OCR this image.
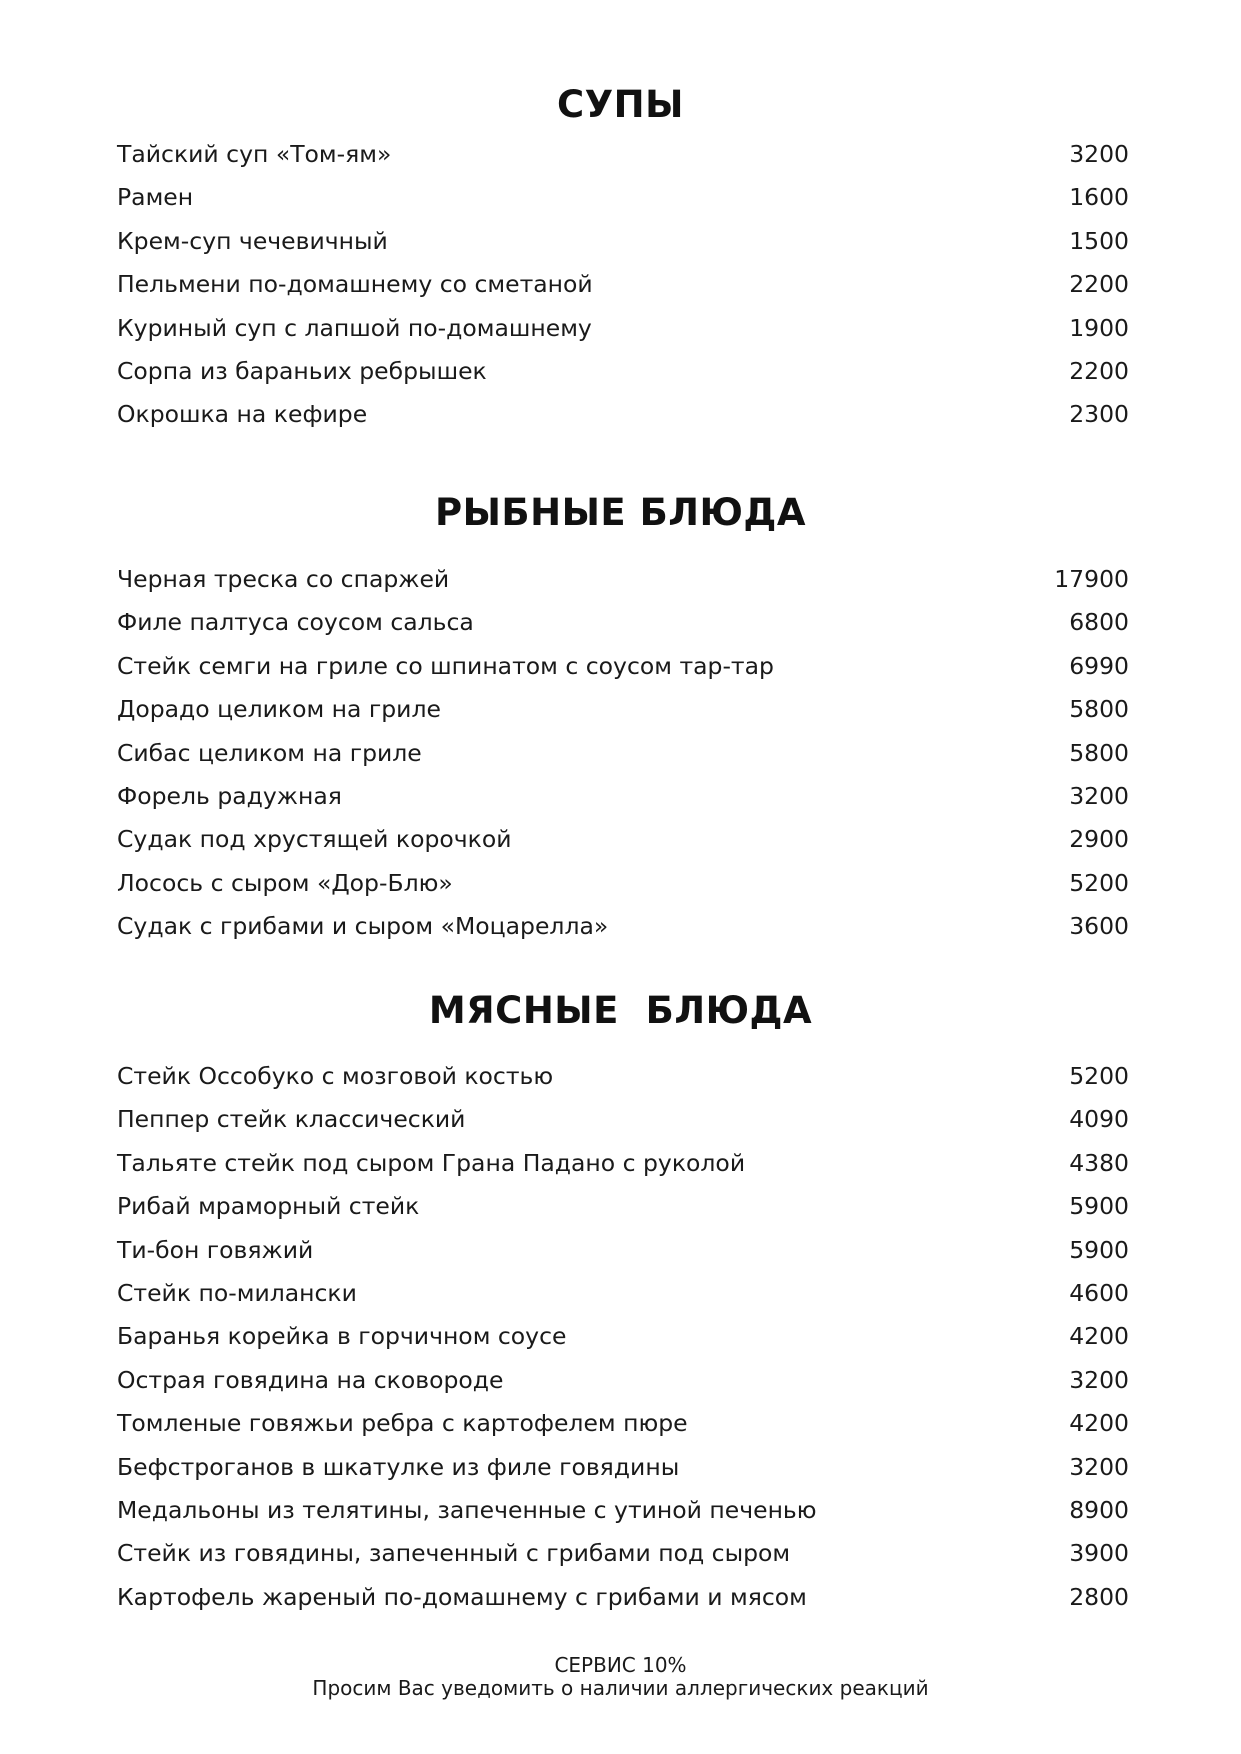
СУПЫ
Тайский суп «Том-ям»	3200
Рамен	1600
Крем-суп чечевичный	1500
Пельмени по-домашнему со сметаной	2200
Куриный суп с лапшой по-домашнему	1900
Сорпа из бараньих ребрышек	2200
Окрошка на кефире	2300
РЫБНЫЕ БЛЮДА
Черная треска со спаржей	17900
Филе палтуса соусом сальса	6800
Стейк семги на гриле со шпинатом с соусом тар-тар	6990
Дорадо целиком на гриле	5800
Сибас целиком на гриле	5800
Форель радужная	3200
Судак под хрустящей корочкой	2900
Лосось с сыром «Дор-Блю»	5200
Судак с грибами и сыром «Моцарелла»	3600
МЯСНЫЕ  БЛЮДА
Стейк Оссобуко с мозговой костью	5200
Пеппер стейк классический	4090
Тальяте стейк под сыром Грана Падано с руколой	4380
Рибай мраморный стейк	5900
Ти-бон говяжий	5900
Стейк по-милански	4600
Баранья корейка в горчичном соусе	4200
Острая говядина на сковороде	3200
Томленые говяжьи ребра с картофелем пюре	4200
Бефстроганов в шкатулке из филе говядины	3200
Медальоны из телятины, запеченные с утиной печенью	8900
Стейк из говядины, запеченный с грибами под сыром	3900
Картофель жареный по-домашнему с грибами и мясом	2800
СЕРВИС 10%
Просим Вас уведомить о наличии аллергических реакций
